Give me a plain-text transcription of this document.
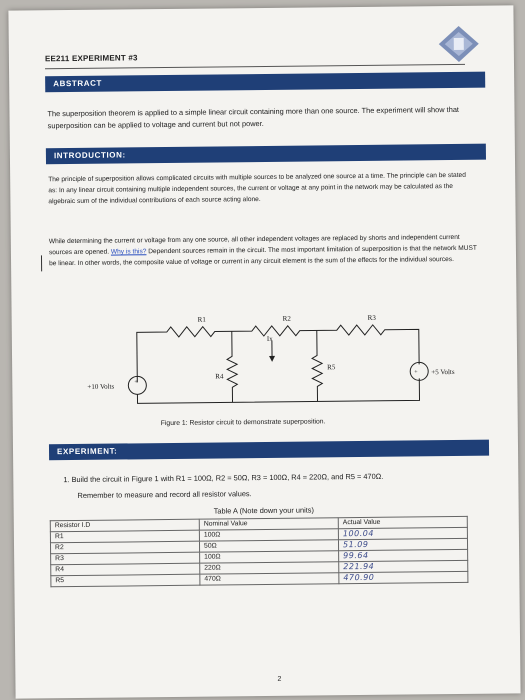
EE211 EXPERIMENT #3
ABSTRACT
The superposition theorem is applied to a simple linear circuit containing more than one source. The experiment will show that superposition can be applied to voltage and current but not power.
INTRODUCTION:
The principle of superposition allows complicated circuits with multiple sources to be analyzed one source at a time. The principle can be stated as: In any linear circuit containing multiple independent sources, the current or voltage at any point in the network may be calculated as the algebraic sum of the individual contributions of each source acting alone.
While determining the current or voltage from any one source, all other independent voltages are replaced by shorts and independent current sources are opened. Why is this? Dependent sources remain in the circuit. The most important limitation of superposition is that the network MUST be linear. In other words, the composite value of voltage or current in any circuit element is the sum of the effects for the individual sources.
R1	R2	R3
R4
R5
Ix
+10 Volts
+5 Volts
+
+
Figure 1: Resistor circuit to demonstrate superposition.
EXPERIMENT:
1. Build the circuit in Figure 1 with R1 = 100Ω, R2 = 50Ω, R3 = 100Ω, R4 = 220Ω, and R5 = 470Ω.
Remember to measure and record all resistor values.
Table A (Note down your units)
Resistor I.D	Nominal Value	Actual Value
R1	100Ω	100.04
R2	50Ω	51.09
R3	100Ω	99.64
R4	220Ω	221.94
R5	470Ω	470.90
2
